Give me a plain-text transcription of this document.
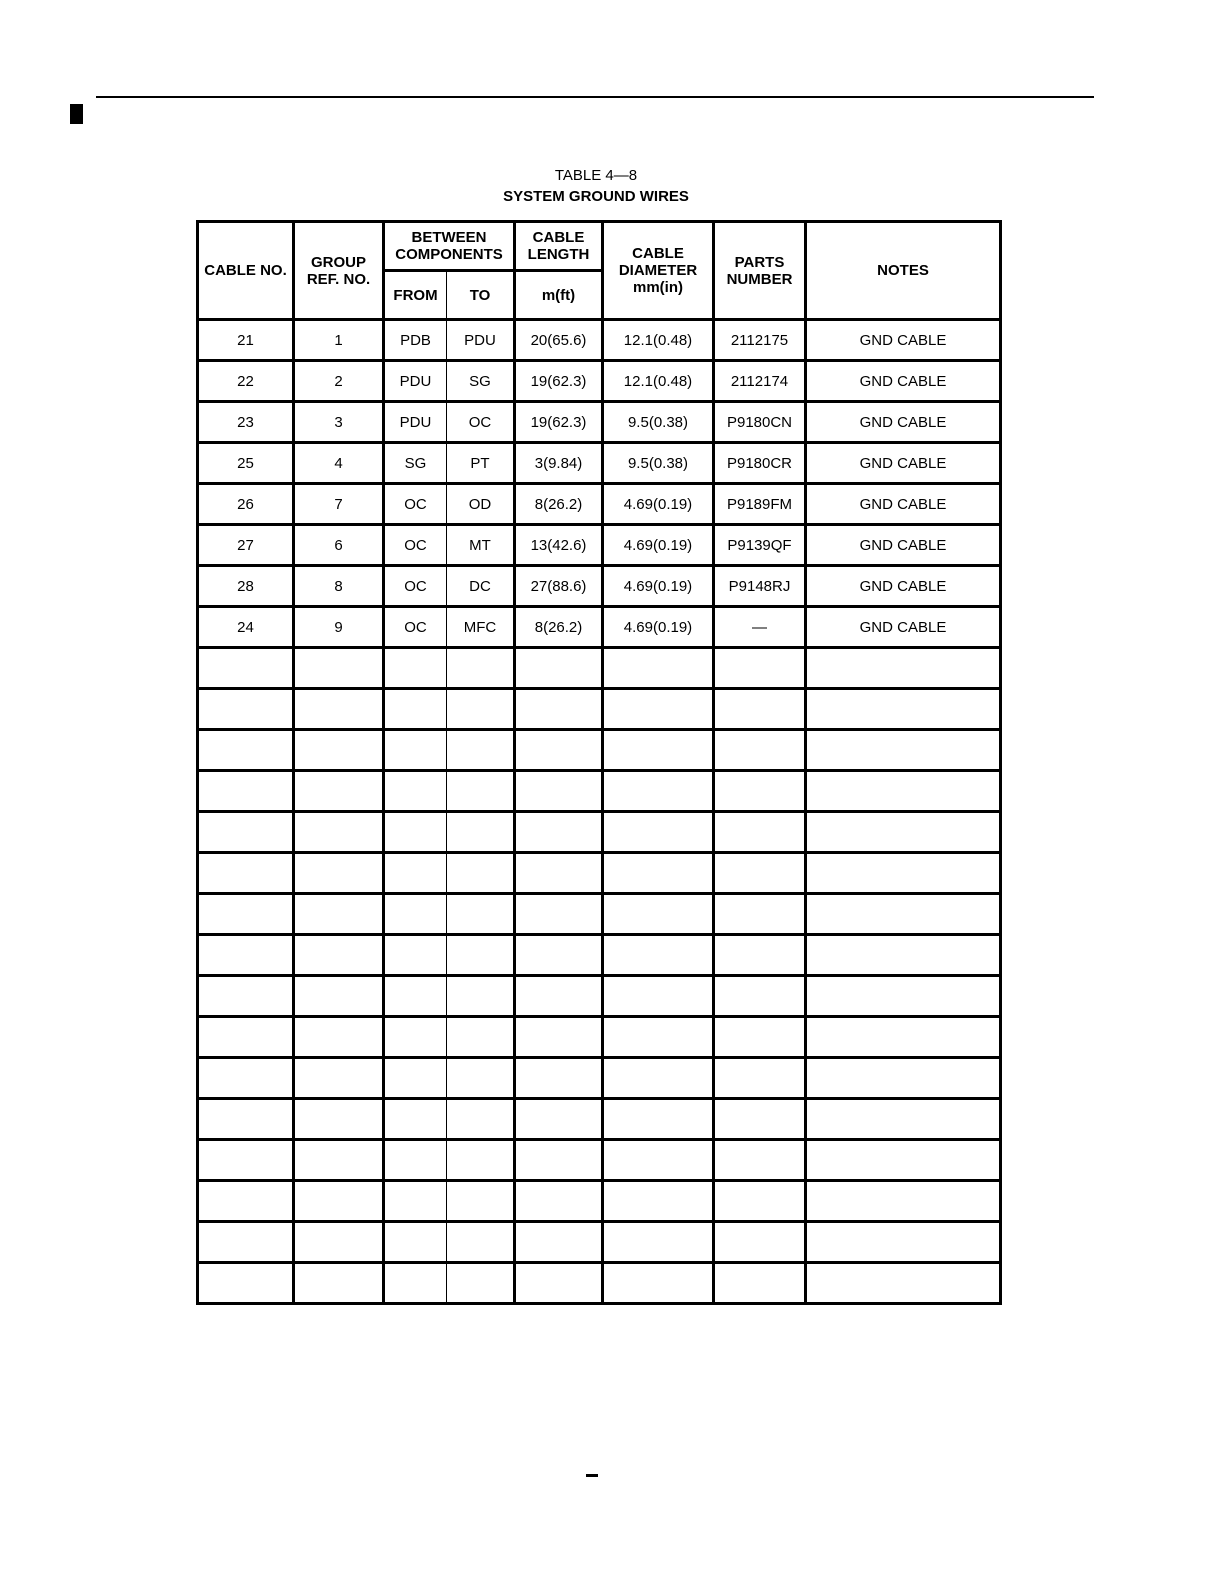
TABLE 4—8
SYSTEM GROUND WIRES
CABLE NO.	GROUP REF. NO.	BETWEEN COMPONENTS		CABLE LENGTH	CABLE DIAMETER mm(in)	PARTS NUMBER	NOTES
		FROM	TO	m(ft)			
21	1	PDB	PDU	20(65.6)	12.1(0.48)	2112175	GND CABLE
22	2	PDU	SG	19(62.3)	12.1(0.48)	2112174	GND CABLE
23	3	PDU	OC	19(62.3)	9.5(0.38)	P9180CN	GND CABLE
25	4	SG	PT	3(9.84)	9.5(0.38)	P9180CR	GND CABLE
26	7	OC	OD	8(26.2)	4.69(0.19)	P9189FM	GND CABLE
27	6	OC	MT	13(42.6)	4.69(0.19)	P9139QF	GND CABLE
28	8	OC	DC	27(88.6)	4.69(0.19)	P9148RJ	GND CABLE
24	9	OC	MFC	8(26.2)	4.69(0.19)	—	GND CABLE
